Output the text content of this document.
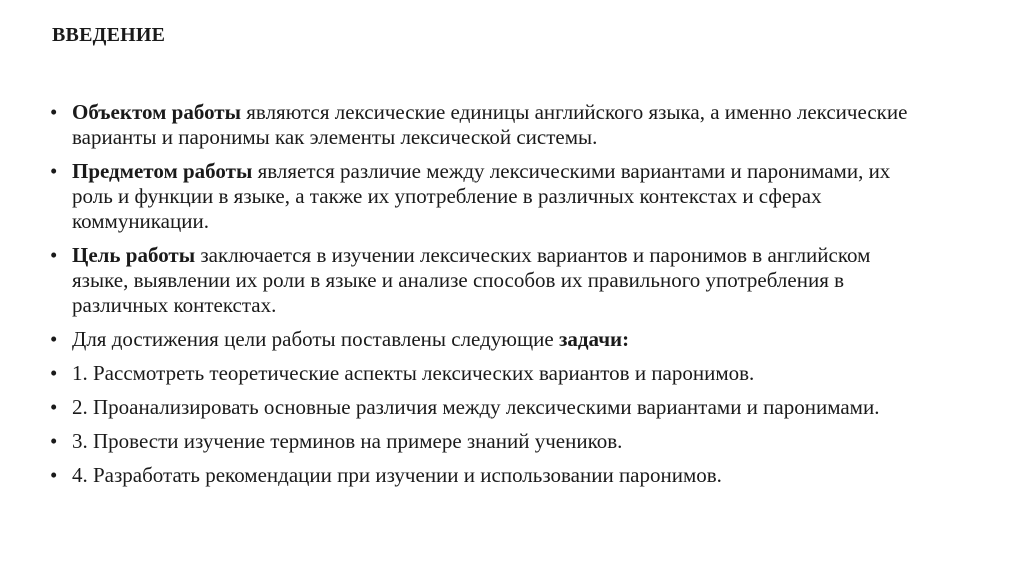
ВВЕДЕНИЕ
• Объектом работы являются лексические единицы английского языка, а именно лексические варианты и паронимы как элементы лексической системы.
• Предметом работы является различие между лексическими вариантами и паронимами, их роль и функции в языке, а также их употребление в различных контекстах и сферах коммуникации.
• Цель работы заключается в изучении лексических вариантов и паронимов в английском языке, выявлении их роли в языке и анализе способов их правильного употребления в различных контекстах.
• Для достижения цели работы поставлены следующие задачи:
• 1. Рассмотреть теоретические аспекты лексических вариантов и паронимов.
• 2. Проанализировать основные различия между лексическими вариантами и паронимами.
• 3. Провести изучение терминов на примере знаний учеников.
• 4. Разработать рекомендации при изучении и использовании паронимов.
